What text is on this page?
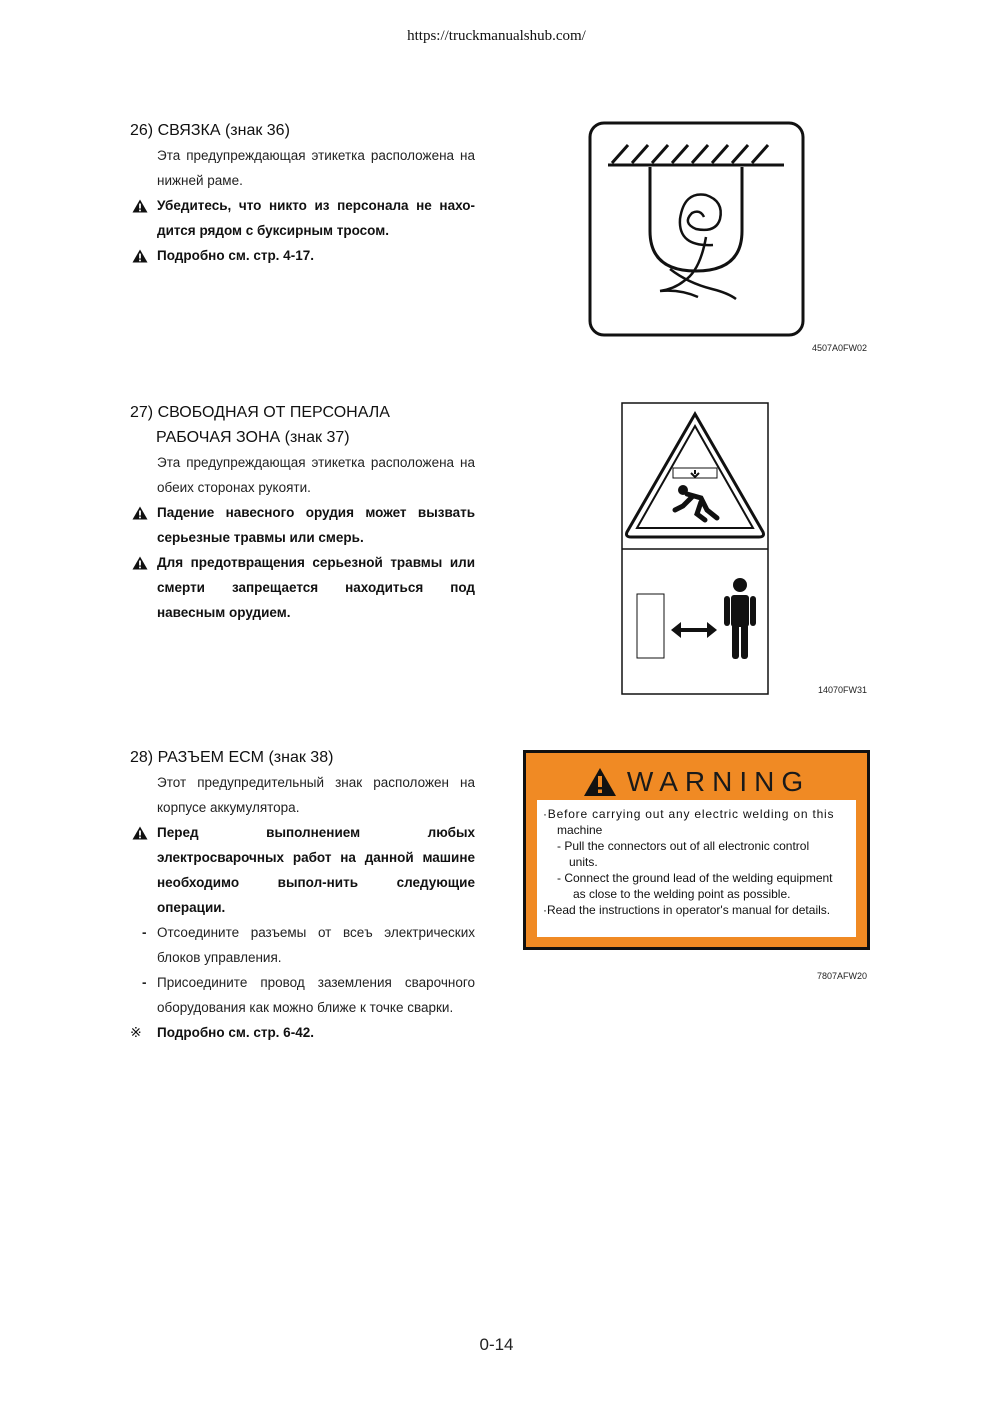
https://truckmanualshub.com/
26) СВЯЗКА (знак 36)
Эта предупреждающая этикетка расположена на нижней раме.
Убедитесь, что никто из персонала не нахо-дится рядом с буксирным тросом.
Подробно см. стр. 4-17.
4507A0FW02
27) СВОБОДНАЯ ОТ ПЕРСОНАЛА
РАБОЧАЯ ЗОНА (знак 37)
Эта предупреждающая этикетка расположена на обеих сторонах рукояти.
Падение навесного орудия может вызвать серьезные травмы или смерь.
Для предотвращения серьезной травмы или смерти запрещается находиться под навесным орудием.
14070FW31
28) РАЗЪЕМ ECM (знак 38)
Этот предупредительный знак расположен на корпусе аккумулятора.
Перед выполнением любых электросварочных работ на данной машине необходимо выпол-нить следующие операции.
- Отсоедините разъемы от всеъ электрических блоков управления.
- Присоедините провод заземления сварочного оборудования как можно ближе к точке сварки.
※ Подробно см. стр. 6-42.
WARNING
·Before carrying out any electric welding on this
machine
- Pull the connectors out of all electronic control
units.
- Connect the ground lead of the welding equipment
as close to the welding point as possible.
·Read the instructions in operator's manual for details.
7807AFW20
0-14
